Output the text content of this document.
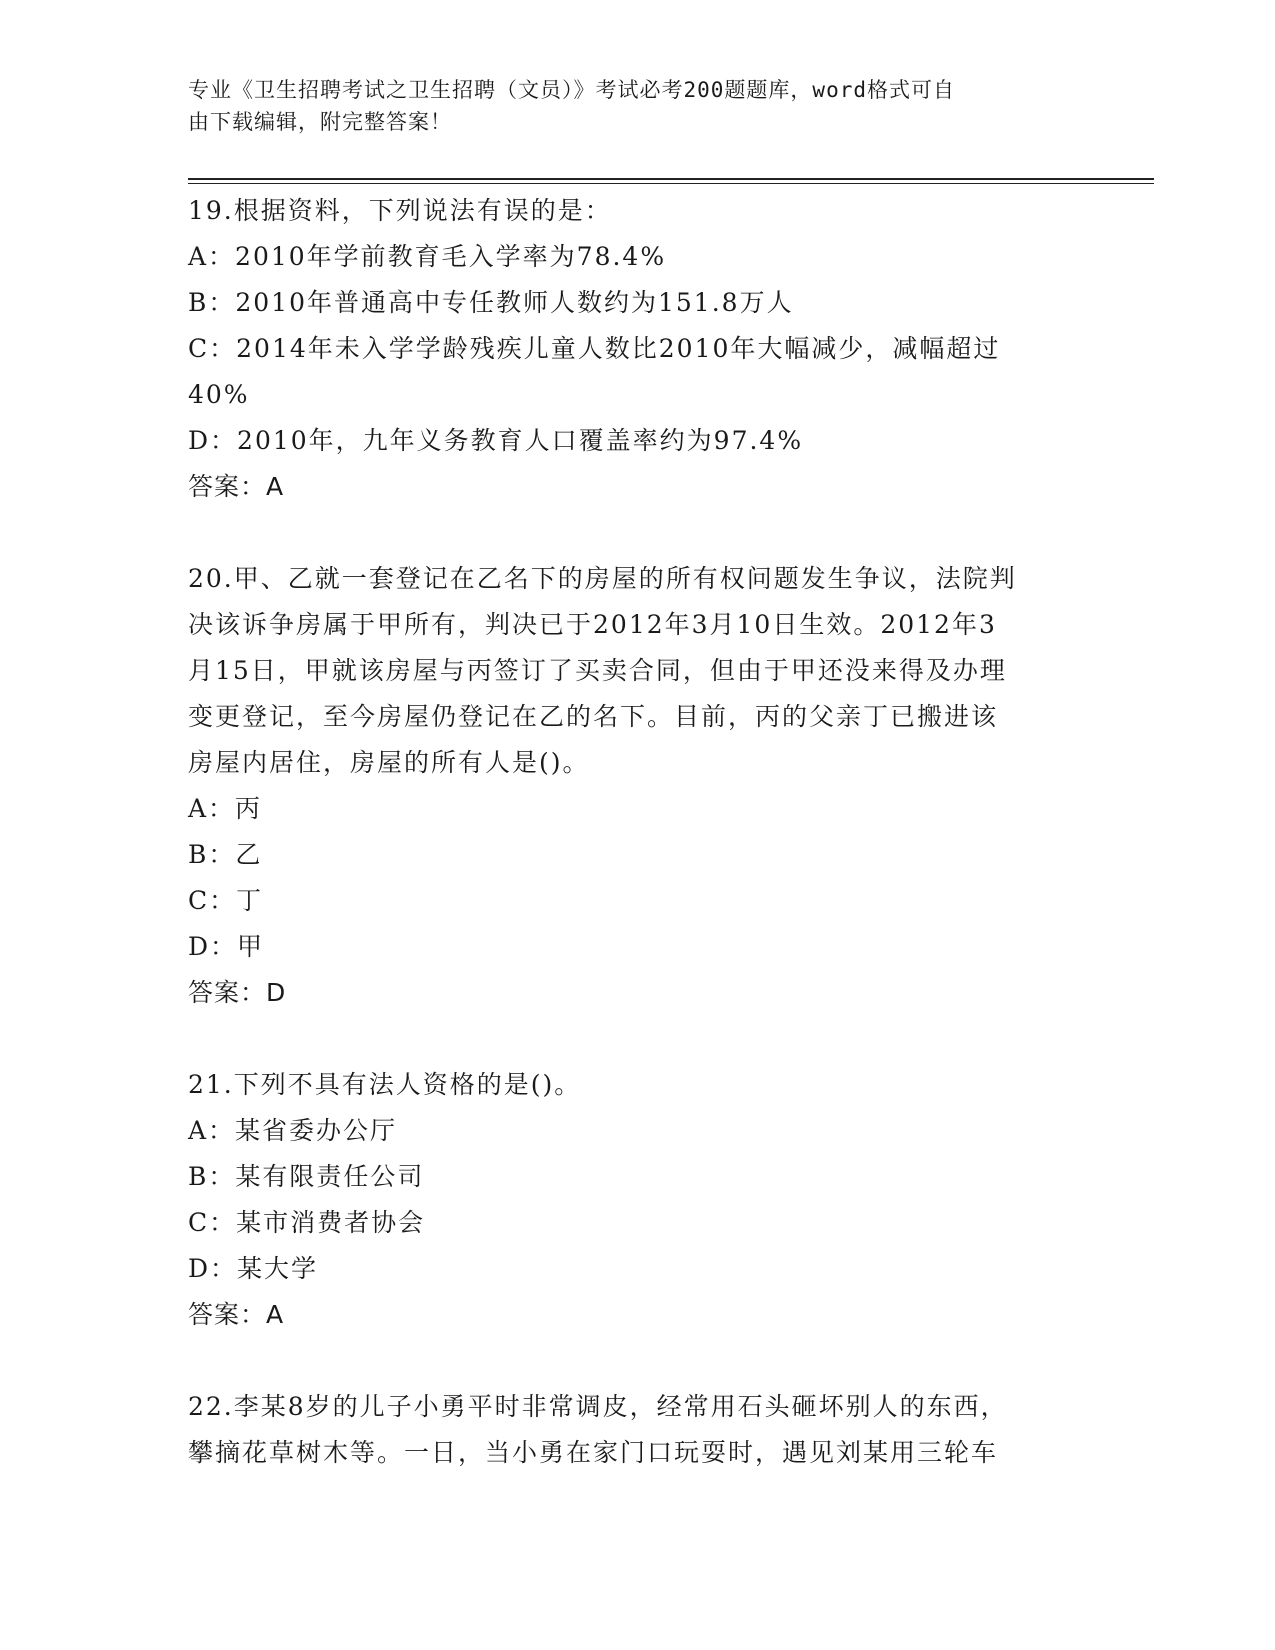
专业《卫生招聘考试之卫生招聘（文员）》考试必考200题题库，word格式可自
由下载编辑，附完整答案！
19.根据资料，下列说法有误的是：
A：2010年学前教育毛入学率为78.4%
B：2010年普通高中专任教师人数约为151.8万人
C：2014年未入学学龄残疾儿童人数比2010年大幅减少，减幅超过
40%
D：2010年，九年义务教育人口覆盖率约为97.4%
答案：A
20.甲、乙就一套登记在乙名下的房屋的所有权问题发生争议，法院判
决该诉争房属于甲所有，判决已于2012年3月10日生效。2012年3
月15日，甲就该房屋与丙签订了买卖合同，但由于甲还没来得及办理
变更登记，至今房屋仍登记在乙的名下。目前，丙的父亲丁已搬进该
房屋内居住，房屋的所有人是()。
A：丙
B：乙
C：丁
D：甲
答案：D
21.下列不具有法人资格的是()。
A：某省委办公厅
B：某有限责任公司
C：某市消费者协会
D：某大学
答案：A
22.李某8岁的儿子小勇平时非常调皮，经常用石头砸坏别人的东西，
攀摘花草树木等。一日，当小勇在家门口玩耍时，遇见刘某用三轮车
